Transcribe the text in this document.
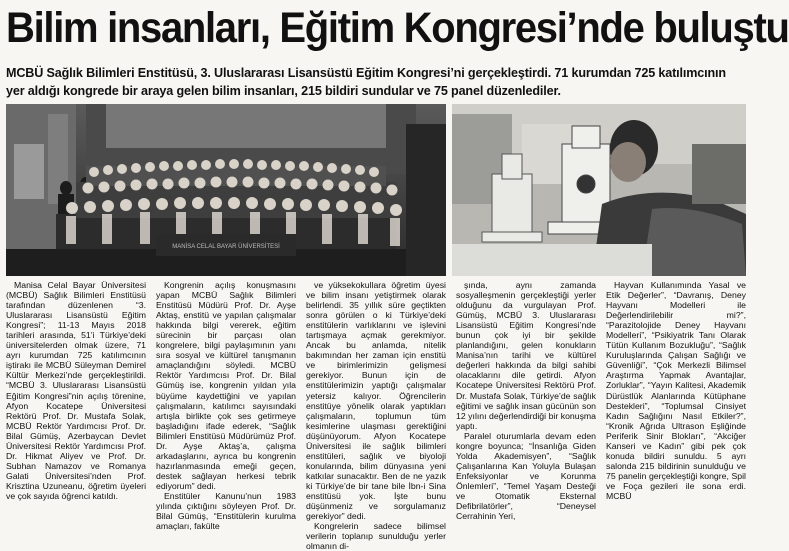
Bilim insanları, Eğitim Kongresi’nde buluştu
MCBÜ Sağlık Bilimleri Enstitüsü, 3. Uluslararası Lisansüstü Eğitim Kongresi’ni gerçekleştirdi. 71 kurumdan 725 katılımcının yer aldığı kongrede bir araya gelen bilim insanları, 215 bildiri sundular ve 75 panel düzenlediler.
MANİSA CELAL BAYAR ÜNİVERSİTESİ

Manisa Celal Bayar Üniversitesi (MCBÜ) Sağlık Bilimleri Enstitüsü tarafından düzenlenen “3. Uluslararası Lisansüstü Eğitim Kongresi”; 11-13 Mayıs 2018 tarihleri arasında, 51’i Türkiye’deki üniversitelerden olmak üzere, 71 ayrı kurumdan 725 katılımcının iştirakı ile MCBÜ Süleyman Demirel Kültür Merkezi’nde gerçekleştirildi. “MCBÜ 3. Uluslararası Lisansüstü Eğitim Kongresi”nin açılış törenine, Afyon Kocatepe Üniversitesi Rektörü Prof. Dr. Mustafa Solak, MCBÜ Rektör Yardımcısı Prof. Dr. Bilal Gümüş, Azerbaycan Devlet Üniversitesi Rektör Yardımcısı Prof. Dr. Hikmat Aliyev ve Prof. Dr. Subhan Namazov ve Romanya Galati Üniversitesi’nden Prof. Krisztina Uzuneanu, öğretim üyeleri ve çok sayıda öğrenci katıldı.

Kongrenin açılış konuşmasını yapan MCBÜ Sağlık Bilimleri Enstitüsü Müdürü Prof. Dr. Ayşe Aktaş, enstitü ve yapılan çalışmalar hakkında bilgi vererek, eğitim sürecinin bir parçası olan kongrelere, bilgi paylaşımının yanı sıra sosyal ve kültürel tanışmanın amaçlandığını söyledi. MCBÜ Rektör Yardımcısı Prof. Dr. Bilal Gümüş ise, kongrenin yıldan yıla büyüme kaydettiğini ve yapılan çalışmaların, katılımcı sayısındaki artışla birlikte çok ses getirmeye başladığını ifade ederek, “Sağlık Bilimleri Enstitüsü Müdürümüz Prof. Dr. Ayşe Aktaş’a, çalışma arkadaşlarını, ayrıca bu kongrenin hazırlanmasında emeği geçen, destek sağlayan herkesi tebrik ediyorum” dedi.

Enstitüler Kanunu’nun 1983 yılında çıktığını söyleyen Prof. Dr. Bilal Gümüş, “Enstitülerin kurulma amaçları, fakülte

ve yüksekokullara öğretim üyesi ve bilim insanı yetiştirmek olarak belirlendi. 35 yıllık süre geçtikten sonra görülen o ki Türkiye’deki enstitülerin varlıklarını ve işlevini tartışmaya açmak gerekmiyor. Ancak bu anlamda, nitelik bakımından her zaman için enstitü ve birimlerimizin gelişmesi gerekiyor. Bunun için de enstitülerimizin yaptığı çalışmalar yetersiz kalıyor. Öğrencilerin enstitüye yönelik olarak yaptıkları çalışmaların, toplumun tüm kesimlerine ulaşması gerektiğini düşünüyorum. Afyon Kocatepe Üniversitesi ile sağlık bilimleri enstitüleri, sağlık ve biyoloji konularında, bilim dünyasına yeni katkılar sunacaktır. Ben de ne yazık ki Türkiye’de bir tane bile İbn-i Sina enstitüsü yok. İşte bunu düşünmeniz ve sorgulamanız gerekiyor” dedi.

Kongrelerin sadece bilimsel verilerin toplanıp sunulduğu yerler olmanın di-

şında, aynı zamanda sosyalleşmenin gerçekleştiği yerler olduğunu da vurgulayan Prof. Gümüş, MCBÜ 3. Uluslararası Lisansüstü Eğitim Kongresi’nde bunun çok iyi bir şekilde planlandığını, gelen konukların Manisa’nın tarihi ve kültürel değerleri hakkında da bilgi sahibi olacaklarını dile getirdi. Afyon Kocatepe Üniversitesi Rektörü Prof. Dr. Mustafa Solak, Türkiye’de sağlık eğitimi ve sağlık insan gücünün son 12 yılını değerlendirdiği bir konuşma yaptı.

Paralel oturumlarla devam eden kongre boyunca; “İnsanlığa Giden Yolda Akademisyen”, “Sağlık Çalışanlarına Kan Yoluyla Bulaşan Enfeksiyonlar ve Korunma Önlemleri”, “Temel Yaşam Desteği ve Otomatik Eksternal Defibrilatörler”, “Deneysel Cerrahinin Yeri,

Hayvan Kullanımında Yasal ve Etik Değerler”, “Davranış, Deney Hayvanı Modelleri ile Değerlendirilebilir mi?”, “Parazitolojide Deney Hayvanı Modelleri”, “Psikiyatrik Tanı Olarak Tütün Kullanım Bozukluğu”, “Sağlık Kuruluşlarında Çalışan Sağlığı ve Güvenliği”, “Çok Merkezli Bilimsel Araştırma Yapmak Avantajlar, Zorluklar”, “Yayın Kalitesi, Akademik Dürüstlük Alanlarında Kütüphane Destekleri”, “Toplumsal Cinsiyet Kadın Sağlığını Nasıl Etkiler?”, “Kronik Ağrıda Ultrason Eşliğinde Periferik Sinir Blokları”, “Akciğer Kanseri ve Kadın” gibi pek çok konuda bildiri sunuldu. 5 ayrı salonda 215 bildirinin sunulduğu ve 75 panelin gerçekleştiği kongre, Spil ve Foça gezileri ile sona erdi. MCBÜ
